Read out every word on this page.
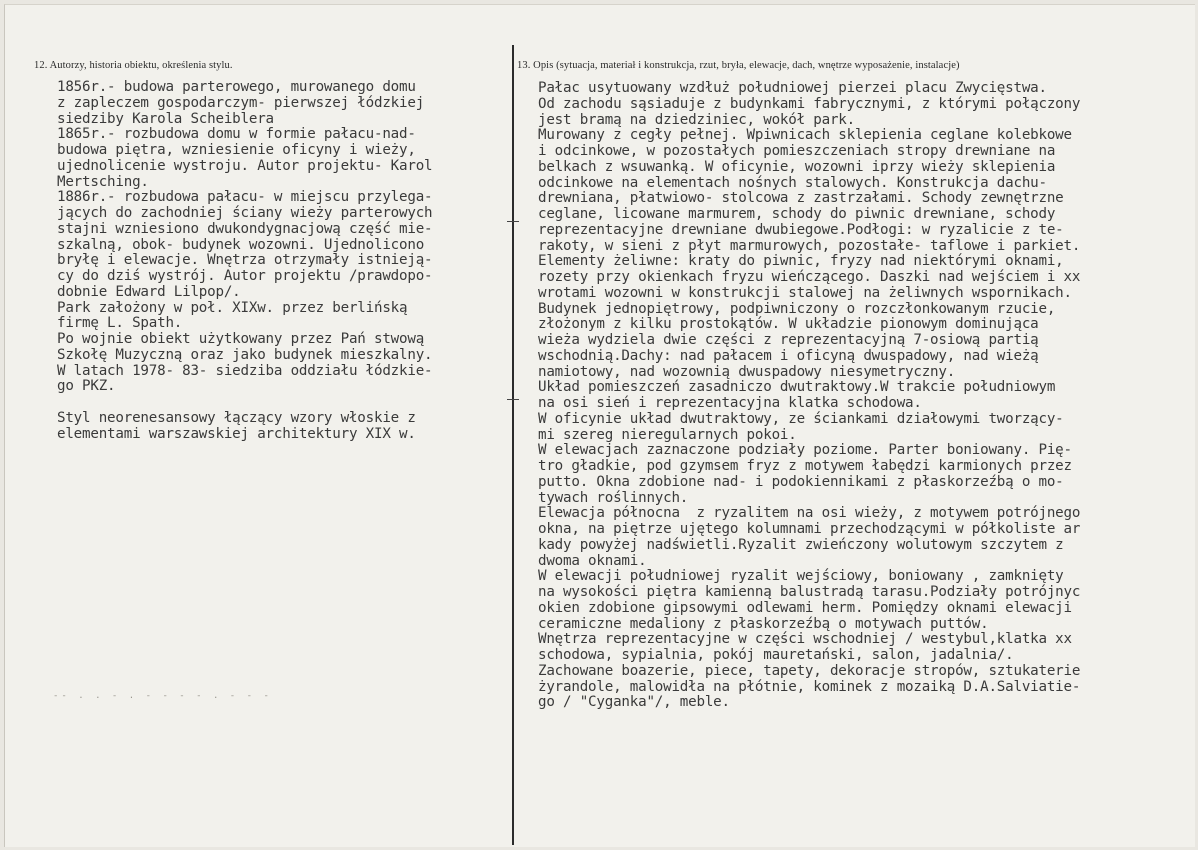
12. Autorzy, historia obiektu, określenia stylu.	13. Opis (sytuacja, materiał i konstrukcja, rzut, bryła, elewacje, dach, wnętrze wyposażenie, instalacje)
1856r.- budowa parterowego, murowanego domu
z zapleczem gospodarczym- pierwszej łódzkiej
siedziby Karola Scheiblera
1865r.- rozbudowa domu w formie pałacu-nad-
budowa piętra, wzniesienie oficyny i wieży,
ujednolicenie wystroju. Autor projektu- Karol
Mertsching.
1886r.- rozbudowa pałacu- w miejscu przylega-
jących do zachodniej ściany wieży parterowych
stajni wzniesiono dwukondygnacjową część mie-
szkalną, obok- budynek wozowni. Ujednolicono
bryłę i elewacje. Wnętrza otrzymały istnieją-
cy do dziś wystrój. Autor projektu /prawdopo-
dobnie Edward Lilpop/.
Park założony w poł. XIXw. przez berlińską
firmę L. Spath.
Po wojnie obiekt użytkowany przez Pań stwową
Szkołę Muzyczną oraz jako budynek mieszkalny.
W latach 1978- 83- siedziba oddziału łódzkie-
go PKZ.
Styl neorenesansowy łączący wzory włoskie z
elementami warszawskiej architektury XIX w.
Pałac usytuowany wzdłuż południowej pierzei placu Zwycięstwa.
Od zachodu sąsiaduje z budynkami fabrycznymi, z którymi połączony
jest bramą na dziedziniec, wokół park.
Murowany z cegły pełnej. Wpiwnicach sklepienia ceglane kolebkowe
i odcinkowe, w pozostałych pomieszczeniach stropy drewniane na
belkach z wsuwanką. W oficynie, wozowni iprzy wieży sklepienia
odcinkowe na elementach nośnych stalowych. Konstrukcja dachu-
drewniana, płatwiowo- stolcowa z zastrzałami. Schody zewnętrzne
ceglane, licowane marmurem, schody do piwnic drewniane, schody
reprezentacyjne drewniane dwubiegowe.Podłogi: w ryzalicie z te-
rakoty, w sieni z płyt marmurowych, pozostałe- taflowe i parkiet.
Elementy żeliwne: kraty do piwnic, fryzy nad niektórymi oknami,
rozety przy okienkach fryzu wieńczącego. Daszki nad wejściem i xx
wrotami wozowni w konstrukcji stalowej na żeliwnych wspornikach.
Budynek jednopiętrowy, podpiwniczony o rozczłonkowanym rzucie,
złożonym z kilku prostokątów. W układzie pionowym dominująca
wieża wydziela dwie części z reprezentacyjną 7-osiową partią
wschodnią.Dachy: nad pałacem i oficyną dwuspadowy, nad wieżą
namiotowy, nad wozownią dwuspadowy niesymetryczny.
Układ pomieszczeń zasadniczo dwutraktowy.W trakcie południowym
na osi sień i reprezentacyjna klatka schodowa.
W oficynie układ dwutraktowy, ze ściankami działowymi tworzący-
mi szereg nieregularnych pokoi.
W elewacjach zaznaczone podziały poziome. Parter boniowany. Pię-
tro gładkie, pod gzymsem fryz z motywem łabędzi karmionych przez
putto. Okna zdobione nad- i podokiennikami z płaskorzeźbą o mo-
tywach roślinnych.
Elewacja północna  z ryzalitem na osi wieży, z motywem potrójnego
okna, na piętrze ujętego kolumnami przechodzącymi w półkoliste ar
kady powyżej nadświetli.Ryzalit zwieńczony wolutowym szczytem z
dwoma oknami.
W elewacji południowej ryzalit wejściowy, boniowany , zamknięty
na wysokości piętra kamienną balustradą tarasu.Podziały potrójnyc
okien zdobione gipsowymi odlewami herm. Pomiędzy oknami elewacji
ceramiczne medaliony z płaskorzeźbą o motywach puttów.
Wnętrza reprezentacyjne w części wschodniej / westybul,klatka xx
schodowa, sypialnia, pokój mauretański, salon, jadalnia/.
Zachowane boazerie, piece, tapety, dekoracje stropów, sztukaterie
żyrandole, malowidła na płótnie, kominek z mozaiką D.A.Salviatie-
go / "Cyganka"/, meble.
-- . . - . - - - - . - - -
